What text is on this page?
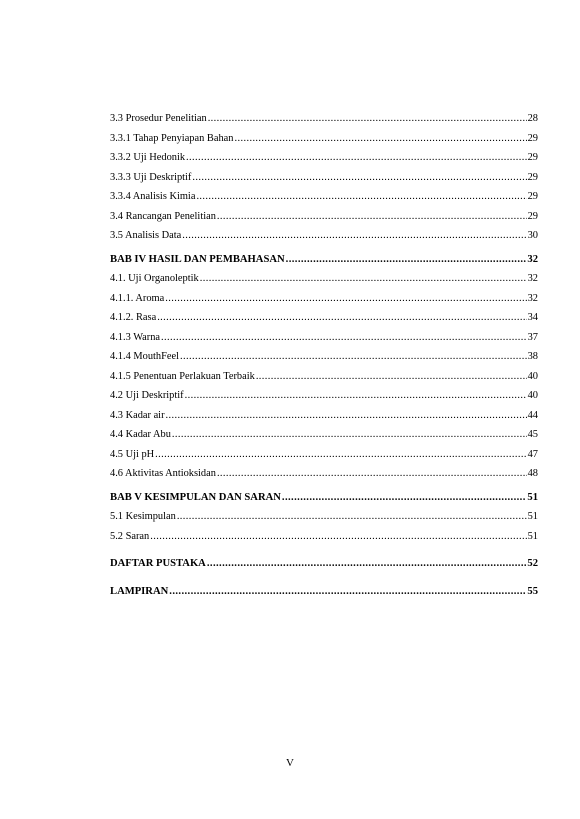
3.3 Prosedur Penelitian .....	28
3.3.1 Tahap Penyiapan Bahan .....	29
3.3.2 Uji Hedonik .....	29
3.3.3 Uji Deskriptif .....	29
3.3.4 Analisis Kimia .....	29
3.4 Rancangan Penelitian .....	29
3.5 Analisis Data .....	30
BAB IV HASIL DAN PEMBAHASAN .....	32
4.1. Uji Organoleptik .....	32
4.1.1. Aroma .....	32
4.1.2. Rasa .....	34
4.1.3 Warna .....	37
4.1.4 MouthFeel .....	38
4.1.5 Penentuan Perlakuan Terbaik .....	40
4.2 Uji Deskriptif .....	40
4.3 Kadar air .....	44
4.4 Kadar Abu .....	45
4.5 Uji pH .....	47
4.6 Aktivitas Antioksidan .....	48
BAB V KESIMPULAN DAN SARAN .....	51
5.1 Kesimpulan .....	51
5.2 Saran .....	51
DAFTAR PUSTAKA .....	52
LAMPIRAN .....	55
V
